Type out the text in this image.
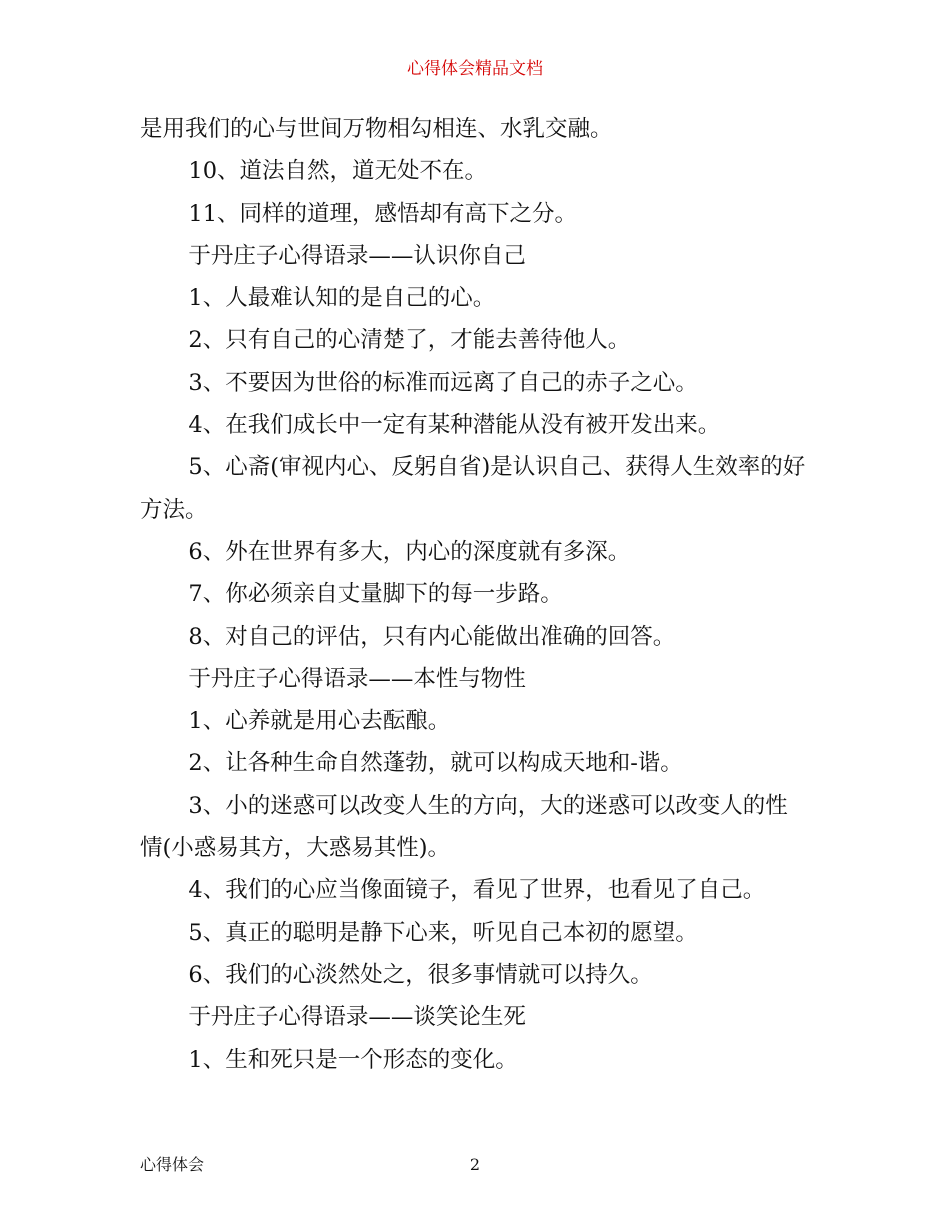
心得体会精品文档

是用我们的心与世间万物相勾相连、水乳交融。

10、道法自然，道无处不在。

11、同样的道理，感悟却有高下之分。

于丹庄子心得语录——认识你自己

1、人最难认知的是自己的心。

2、只有自己的心清楚了，才能去善待他人。

3、不要因为世俗的标准而远离了自己的赤子之心。

4、在我们成长中一定有某种潜能从没有被开发出来。

5、心斋(审视内心、反躬自省)是认识自己、获得人生效率的好方法。

6、外在世界有多大，内心的深度就有多深。

7、你必须亲自丈量脚下的每一步路。

8、对自己的评估，只有内心能做出准确的回答。

于丹庄子心得语录——本性与物性

1、心养就是用心去酝酿。

2、让各种生命自然蓬勃，就可以构成天地和-谐。

3、小的迷惑可以改变人生的方向，大的迷惑可以改变人的性情(小惑易其方，大惑易其性)。

4、我们的心应当像面镜子，看见了世界，也看见了自己。

5、真正的聪明是静下心来，听见自己本初的愿望。

6、我们的心淡然处之，很多事情就可以持久。

于丹庄子心得语录——谈笑论生死

1、生和死只是一个形态的变化。

心得体会	2
